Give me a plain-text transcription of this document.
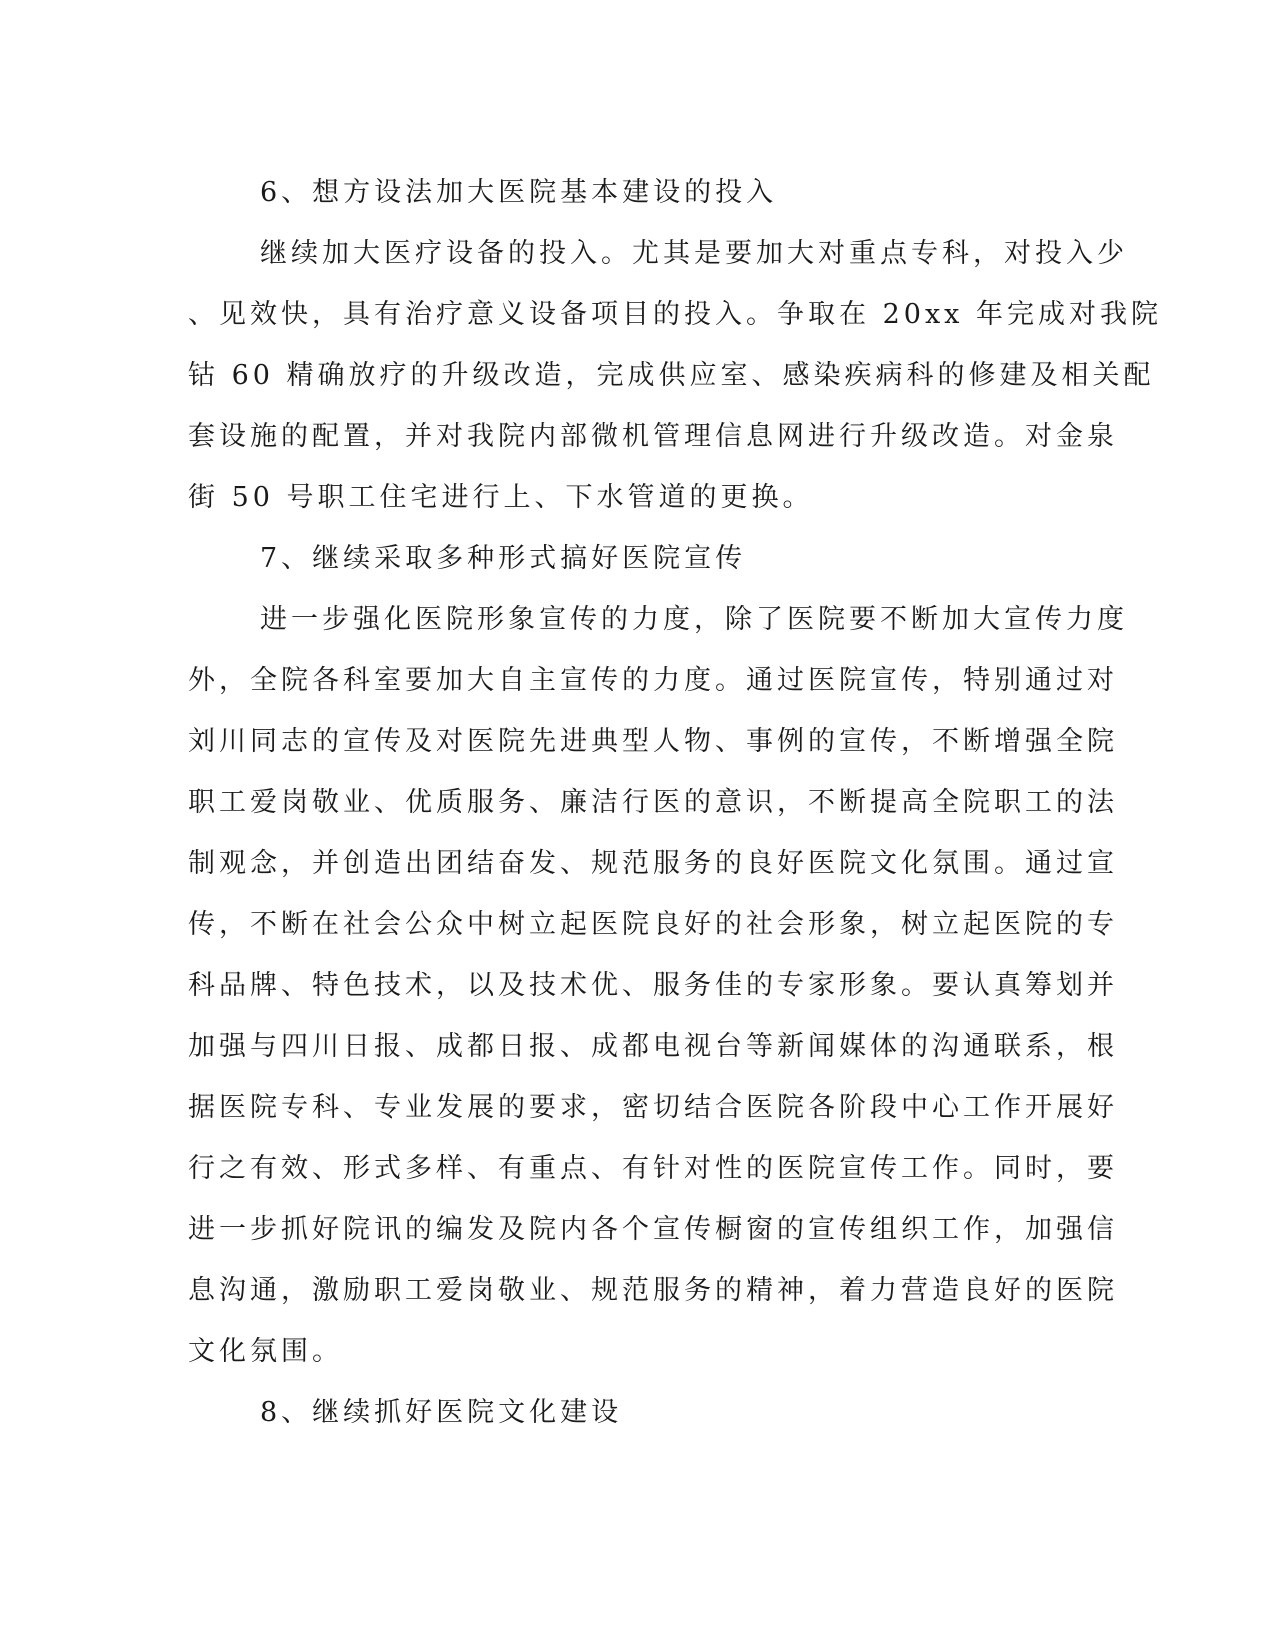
6、想方设法加大医院基本建设的投入
继续加大医疗设备的投入。尤其是要加大对重点专科，对投入少
、见效快，具有治疗意义设备项目的投入。争取在 20xx 年完成对我院
钴 60 精确放疗的升级改造，完成供应室、感染疾病科的修建及相关配
套设施的配置，并对我院内部微机管理信息网进行升级改造。对金泉
街 50 号职工住宅进行上、下水管道的更换。
7、继续采取多种形式搞好医院宣传
进一步强化医院形象宣传的力度，除了医院要不断加大宣传力度
外，全院各科室要加大自主宣传的力度。通过医院宣传，特别通过对
刘川同志的宣传及对医院先进典型人物、事例的宣传，不断增强全院
职工爱岗敬业、优质服务、廉洁行医的意识，不断提高全院职工的法
制观念，并创造出团结奋发、规范服务的良好医院文化氛围。通过宣
传，不断在社会公众中树立起医院良好的社会形象，树立起医院的专
科品牌、特色技术，以及技术优、服务佳的专家形象。要认真筹划并
加强与四川日报、成都日报、成都电视台等新闻媒体的沟通联系，根
据医院专科、专业发展的要求，密切结合医院各阶段中心工作开展好
行之有效、形式多样、有重点、有针对性的医院宣传工作。同时，要
进一步抓好院讯的编发及院内各个宣传橱窗的宣传组织工作，加强信
息沟通，激励职工爱岗敬业、规范服务的精神，着力营造良好的医院
文化氛围。
8、继续抓好医院文化建设
